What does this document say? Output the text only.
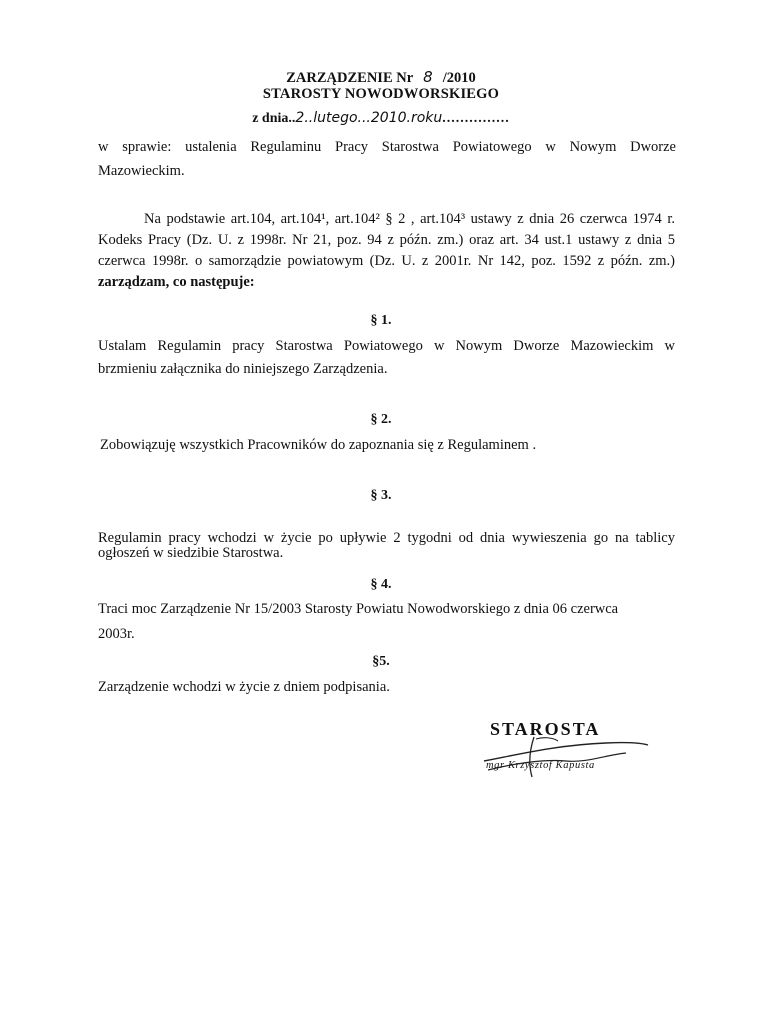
ZARZĄDZENIE Nr 8 /2010
STAROSTY NOWODWORSKIEGO
z dnia..2..lutego...2010.roku...............
w sprawie: ustalenia Regulaminu Pracy Starostwa Powiatowego w Nowym Dworze
Mazowieckim.
Na podstawie art.104, art.104¹, art.104² § 2 , art.104³ ustawy z dnia 26 czerwca 1974 r.
Kodeks Pracy (Dz. U. z 1998r. Nr 21, poz. 94 z późn. zm.) oraz art. 34 ust.1 ustawy z dnia 5
czerwca 1998r. o samorządzie powiatowym (Dz. U. z 2001r. Nr 142, poz. 1592 z późn. zm.)
zarządzam, co następuje:
§ 1.
Ustalam Regulamin pracy Starostwa Powiatowego w Nowym Dworze Mazowieckim w
brzmieniu załącznika do niniejszego Zarządzenia.
§ 2.
Zobowiązuję wszystkich Pracowników do zapoznania się z Regulaminem .
§ 3.
Regulamin pracy wchodzi w życie po upływie 2 tygodni od dnia wywieszenia go na tablicy
ogłoszeń w siedzibie Starostwa.
§ 4.
Traci moc Zarządzenie Nr 15/2003 Starosty Powiatu Nowodworskiego z dnia 06 czerwca
2003r.
§5.
Zarządzenie wchodzi w życie z dniem podpisania.
STAROSTA
mgr Krzysztof Kapusta
